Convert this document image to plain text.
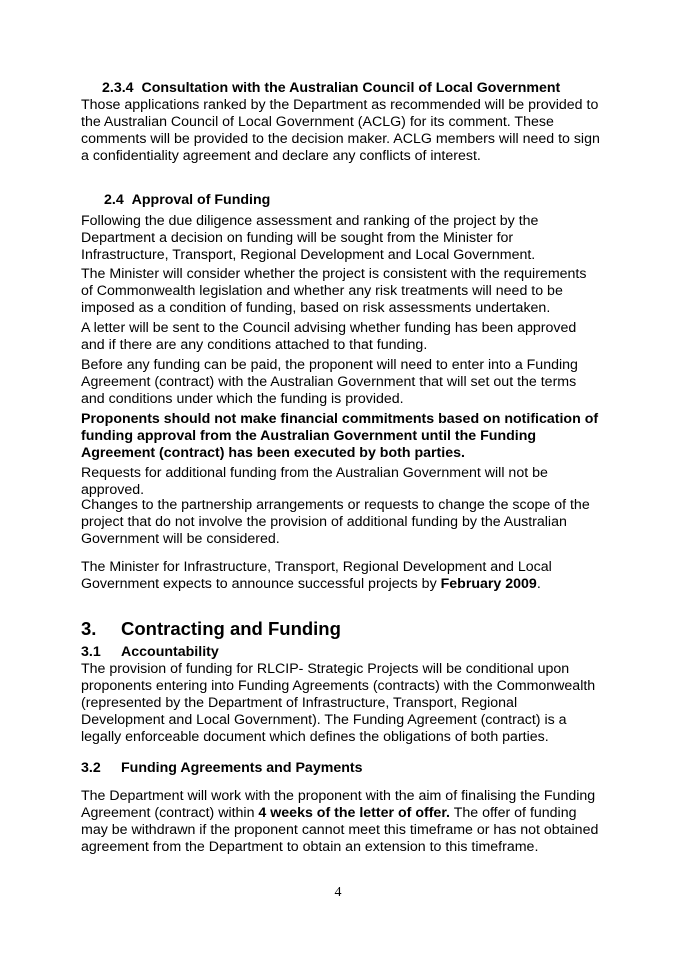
2.3.4 Consultation with the Australian Council of Local Government

Those applications ranked by the Department as recommended will be provided to the Australian Council of Local Government (ACLG) for its comment. These comments will be provided to the decision maker. ACLG members will need to sign a confidentiality agreement and declare any conflicts of interest.

2.4 Approval of Funding

Following the due diligence assessment and ranking of the project by the Department a decision on funding will be sought from the Minister for Infrastructure, Transport, Regional Development and Local Government.

The Minister will consider whether the project is consistent with the requirements of Commonwealth legislation and whether any risk treatments will need to be imposed as a condition of funding, based on risk assessments undertaken.

A letter will be sent to the Council advising whether funding has been approved and if there are any conditions attached to that funding.

Before any funding can be paid, the proponent will need to enter into a Funding Agreement (contract) with the Australian Government that will set out the terms and conditions under which the funding is provided.

Proponents should not make financial commitments based on notification of funding approval from the Australian Government until the Funding Agreement (contract) has been executed by both parties.

Requests for additional funding from the Australian Government will not be approved.

Changes to the partnership arrangements or requests to change the scope of the project that do not involve the provision of additional funding by the Australian Government will be considered.

The Minister for Infrastructure, Transport, Regional Development and Local Government expects to announce successful projects by February 2009.

3. Contracting and Funding
3.1 Accountability

The provision of funding for RLCIP- Strategic Projects will be conditional upon proponents entering into Funding Agreements (contracts) with the Commonwealth (represented by the Department of Infrastructure, Transport, Regional Development and Local Government). The Funding Agreement (contract) is a legally enforceable document which defines the obligations of both parties.

3.2 Funding Agreements and Payments

The Department will work with the proponent with the aim of finalising the Funding Agreement (contract) within 4 weeks of the letter of offer. The offer of funding may be withdrawn if the proponent cannot meet this timeframe or has not obtained agreement from the Department to obtain an extension to this timeframe.

4
